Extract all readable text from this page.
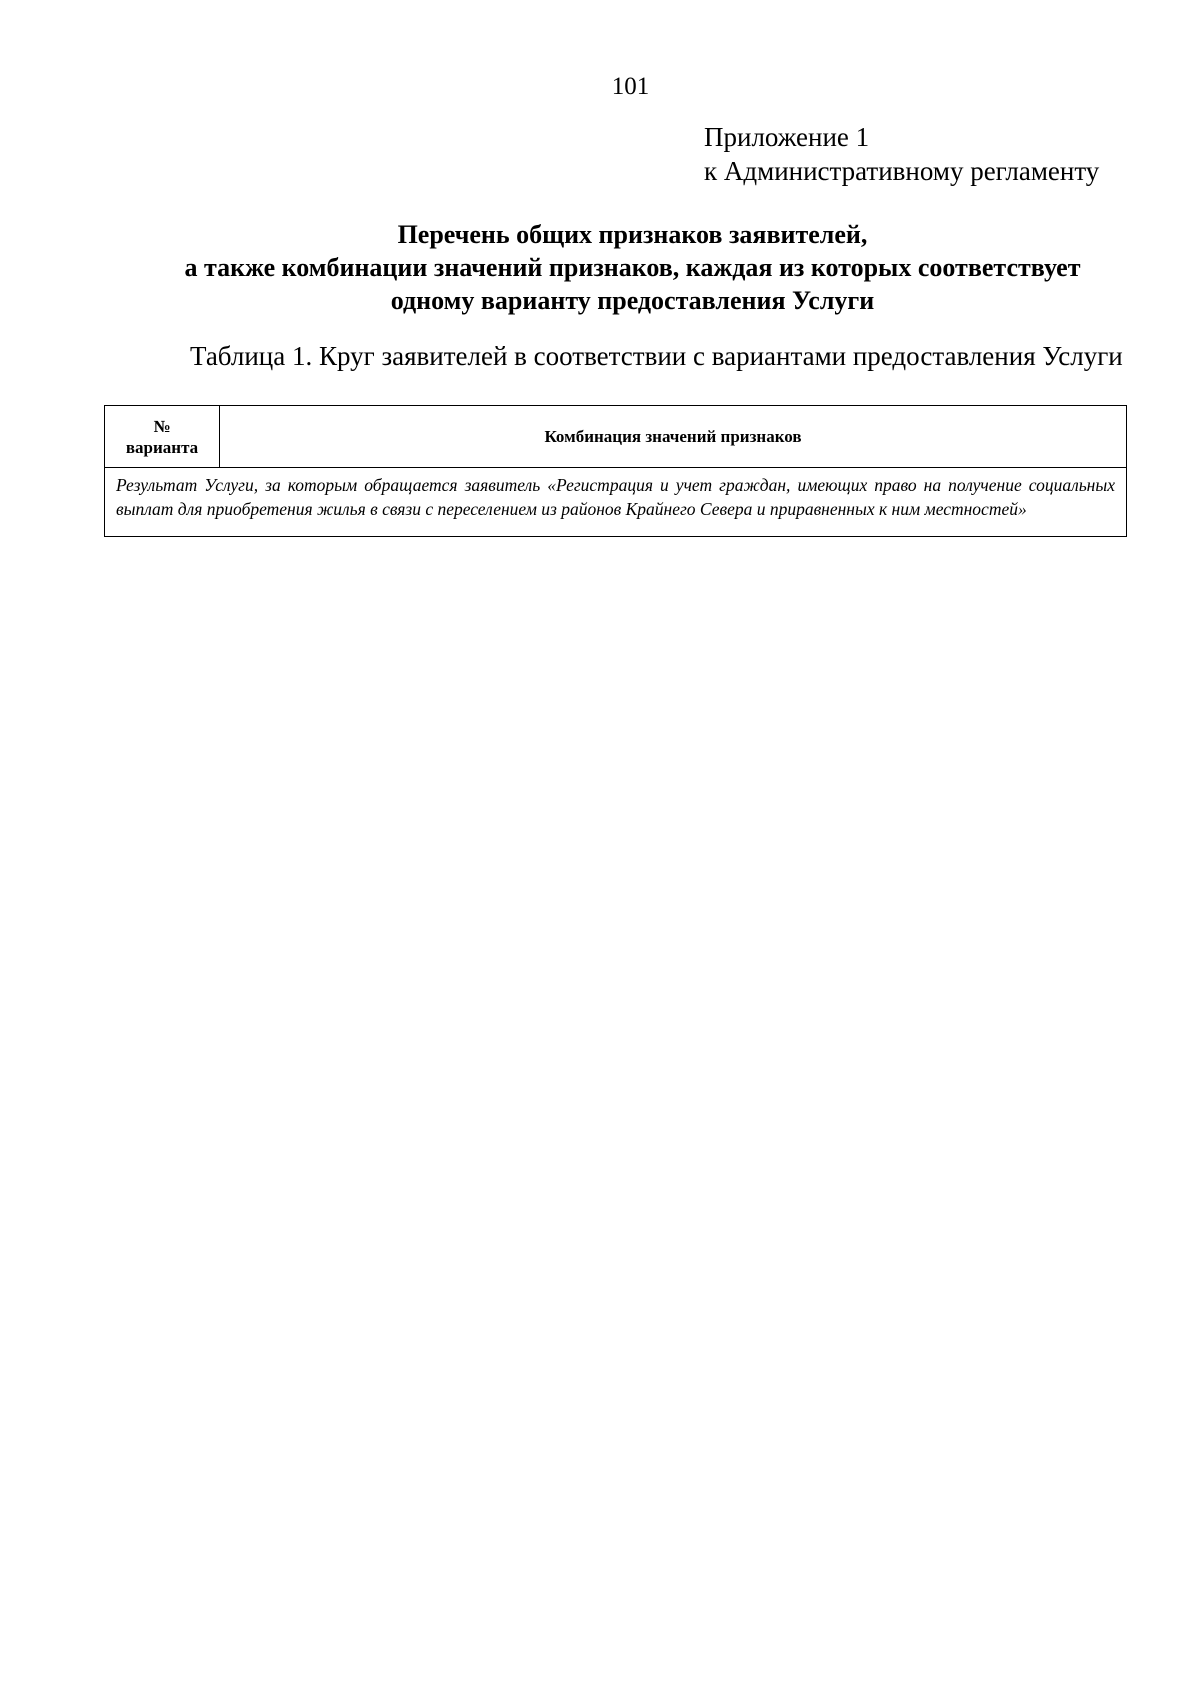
101
Приложение 1
к Административному регламенту
Перечень общих признаков заявителей,
а также комбинации значений признаков, каждая из которых соответствует
одному варианту предоставления Услуги
Таблица 1. Круг заявителей в соответствии с вариантами предоставления Услуги
№
варианта
	Комбинация значений признаков
Результат Услуги, за которым обращается заявитель «Регистрация и учет граждан, имеющих право на получение социальных выплат для приобретения жилья в связи с переселением из районов Крайнего Севера и приравненных к ним местностей»
